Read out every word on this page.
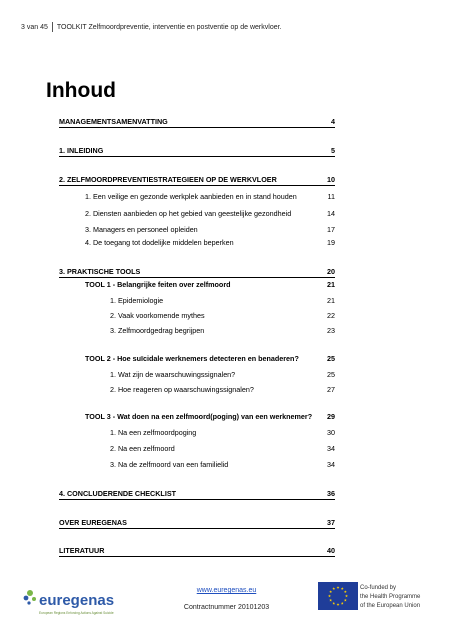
3 van 45 TOOLKIT Zelfmoordpreventie, interventie en postventie op de werkvloer.
Inhoud
MANAGEMENTSAMENVATTING	4
1. INLEIDING	5
2. ZELFMOORDPREVENTIESTRATEGIEEN OP DE WERKVLOER	10
1. Een veilige en gezonde werkplek aanbieden en in stand houden	11
2. Diensten aanbieden op het gebied van geestelijke gezondheid	14
3. Managers en personeel opleiden	17
4. De toegang tot dodelijke middelen beperken	19
3. PRAKTISCHE TOOLS	20
TOOL 1 - Belangrijke feiten over zelfmoord	21
1. Epidemiologie	21
2. Vaak voorkomende mythes	22
3. Zelfmoordgedrag begrijpen	23
TOOL 2 - Hoe suïcidale werknemers detecteren en benaderen?	25
1. Wat zijn de waarschuwingssignalen?	25
2. Hoe reageren op waarschuwingssignalen?	27
TOOL 3 - Wat doen na een zelfmoord(poging) van een werknemer? 29
1. Na een zelfmoordpoging	30
2. Na een zelfmoord	34
3. Na de zelfmoord van een familielid	34
4. CONCLUDERENDE CHECKLIST	36
OVER EUREGENAS	37
LITERATUUR	40
euregenas
European Regions Enforcing Actions Against Suicide
www.euregenas.eu
Contractnummer 20101203
Co-funded by
the Health Programme
of the European Union
